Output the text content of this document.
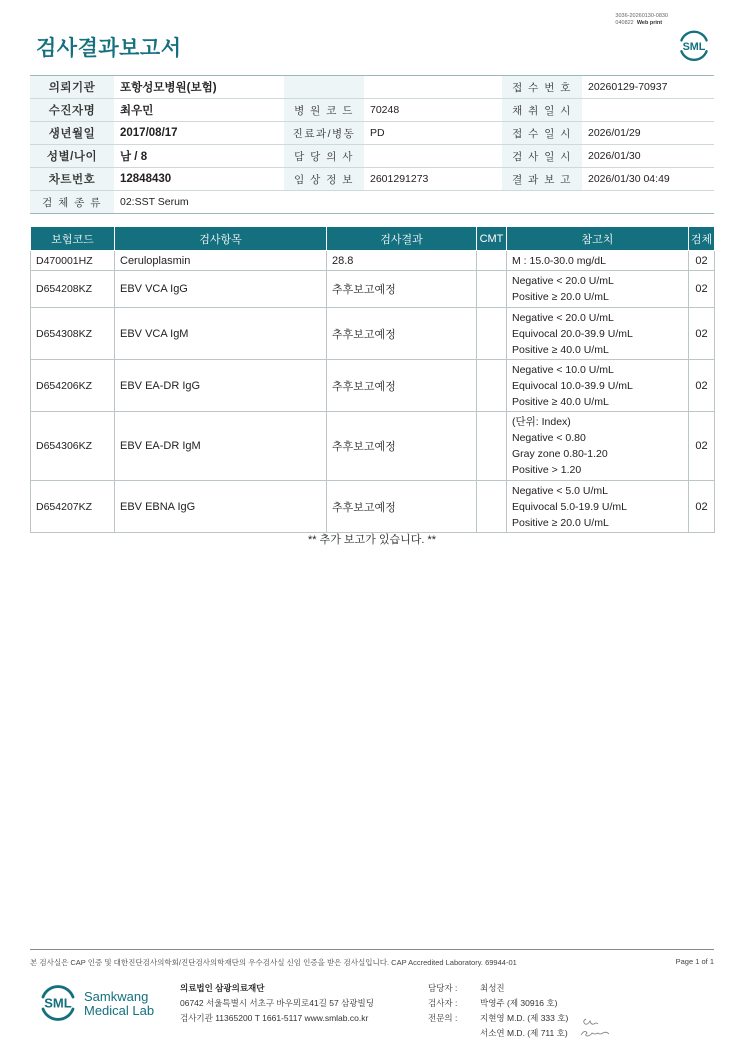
3036-20260130-0830
040822 Web print
검사결과보고서	SML
의뢰기관	포항성모병원(보험)			접 수 번 호	20260129-70937
수진자명	최우민	병 원 코 드	70248	채 취 일 시	
생년월일	2017/08/17	진료과/병동	PD	접 수 일 시	2026/01/29
성별/나이	남 / 8	담 당 의 사		검 사 일 시	2026/01/30
차트번호	12848430	임 상 정 보	2601291273	결 과 보 고	2026/01/30 04:49
검 체 종 류	02:SST Serum				
보험코드	검사항목	검사결과	CMT	참고치	검체
D470001HZ	Ceruloplasmin	28.8		M : 15.0-30.0 mg/dL	02
D654208KZ	EBV VCA IgG	추후보고예정		Negative < 20.0 U/mL
Positive ≥ 20.0 U/mL	02
D654308KZ	EBV VCA IgM	추후보고예정		Negative < 20.0 U/mL
Equivocal 20.0-39.9 U/mL
Positive ≥ 40.0 U/mL	02
D654206KZ	EBV EA-DR IgG	추후보고예정		Negative < 10.0 U/mL
Equivocal 10.0-39.9 U/mL
Positive ≥ 40.0 U/mL	02
D654306KZ	EBV EA-DR IgM	추후보고예정		(단위: Index)
Negative < 0.80
Gray zone 0.80-1.20
Positive > 1.20	02
D654207KZ	EBV EBNA IgG	추후보고예정		Negative < 5.0 U/mL
Equivocal 5.0-19.9 U/mL
Positive ≥ 20.0 U/mL	02
** 추가 보고가 있습니다. **
본 검사실은 CAP 인증 및 대한진단검사의학회/진단검사의학재단의 우수검사실 신임 인증을 받은 검사실입니다. CAP Accredited Laboratory. 69944-01	Page 1 of 1
SML Samkwang
Medical Lab
의료법인 삼광의료재단
06742 서울특별시 서초구 바우뫼로41길 57 삼광빌딩
검사기관 11365200 T 1661-5117 www.smlab.co.kr
담당자 :	최성진
검사자 :	박영주 (제 30916 호)
전문의 :	지현영 M.D. (제 333 호)
서소연 M.D. (제 711 호)
